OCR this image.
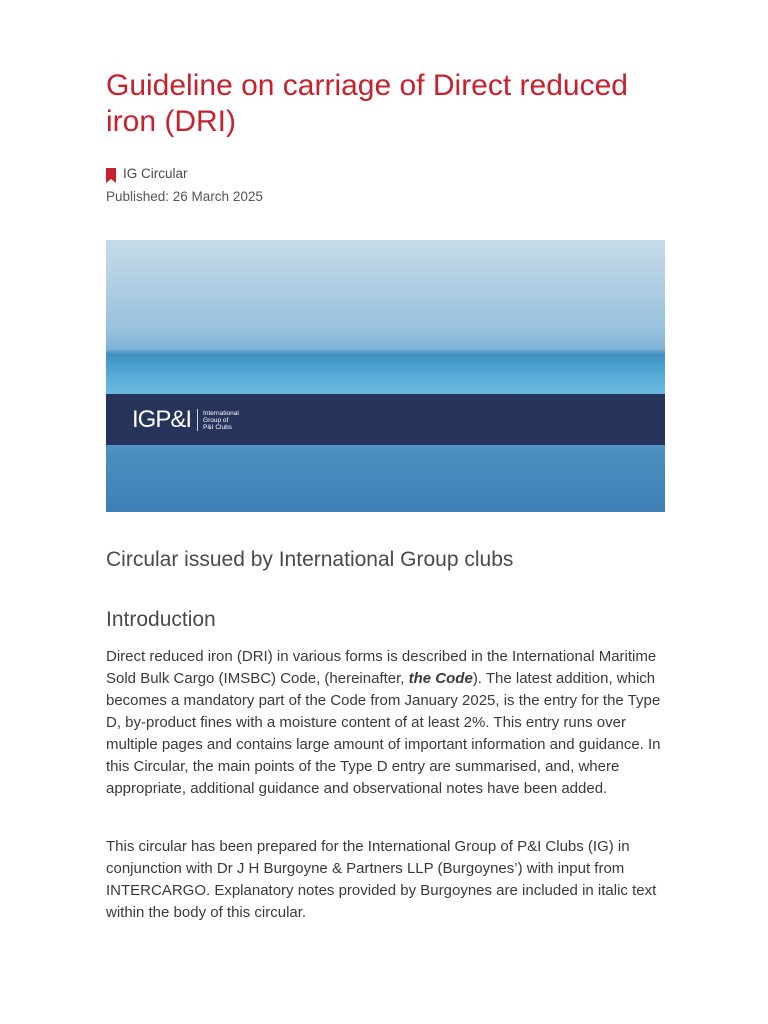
Guideline on carriage of Direct reduced iron (DRI)
IG Circular
Published: 26 March 2025
IGP&I International
Group of
P&I Clubs
Circular issued by International Group clubs
Introduction

Direct reduced iron (DRI) in various forms is described in the International Maritime Sold Bulk Cargo (IMSBC) Code, (hereinafter, the Code). The latest addition, which becomes a mandatory part of the Code from January 2025, is the entry for the Type D, by-product fines with a moisture content of at least 2%. This entry runs over multiple pages and contains large amount of important information and guidance. In this Circular, the main points of the Type D entry are summarised, and, where appropriate, additional guidance and observational notes have been added.

This circular has been prepared for the International Group of P&I Clubs (IG) in conjunction with Dr J H Burgoyne & Partners LLP (Burgoynes’) with input from INTERCARGO. Explanatory notes provided by Burgoynes are included in italic text within the body of this circular.
